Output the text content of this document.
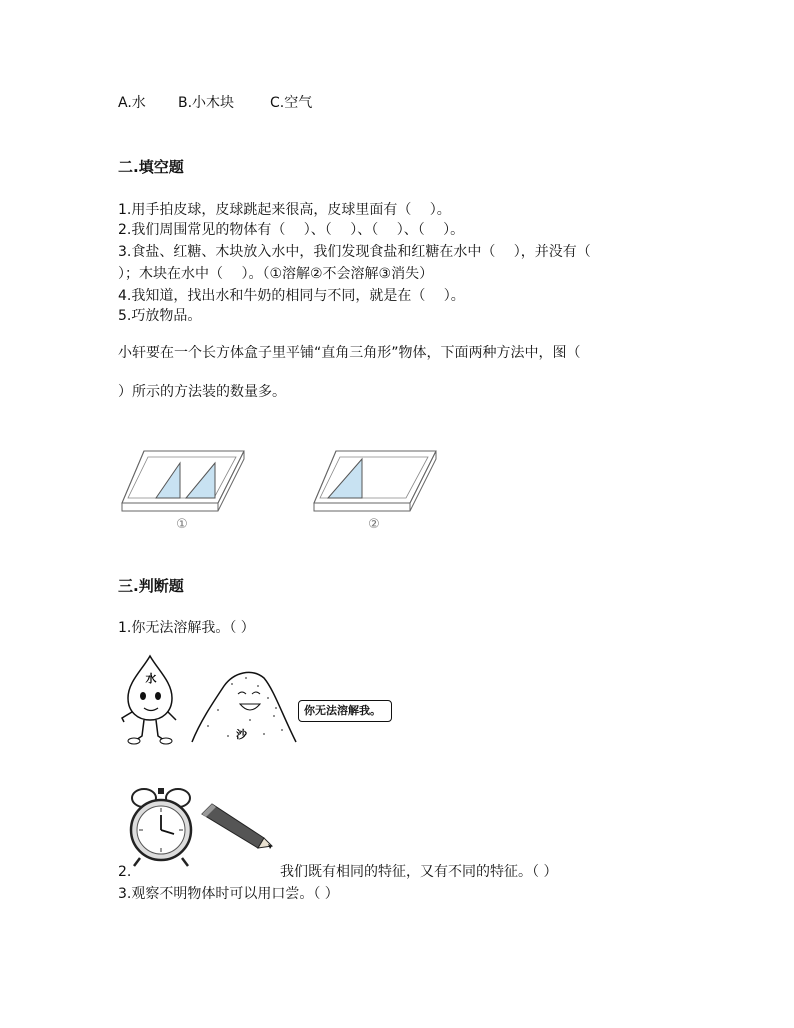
A.水 B.小木块	C.空气
二.填空题
1.用手拍皮球，皮球跳起来很高，皮球里面有（　 ）。
2.我们周围常见的物体有（　 ）、（　 ）、（　 ）、（　 ）。
3.食盐、红糖、木块放入水中，我们发现食盐和红糖在水中（　 ），并没有（
）；木块在水中（　 ）。（①溶解②不会溶解③消失）
4.我知道，找出水和牛奶的相同与不同，就是在（　 ）。
5.巧放物品。
小轩要在一个长方体盒子里平铺“直角三角形”物体，下面两种方法中，图（
）所示的方法装的数量多。
①	②
三.判断题
1.你无法溶解我。（ ）
水
沙
你无法溶解我。
2.	我们既有相同的特征，又有不同的特征。（ ）
3.观察不明物体时可以用口尝。（ ）
